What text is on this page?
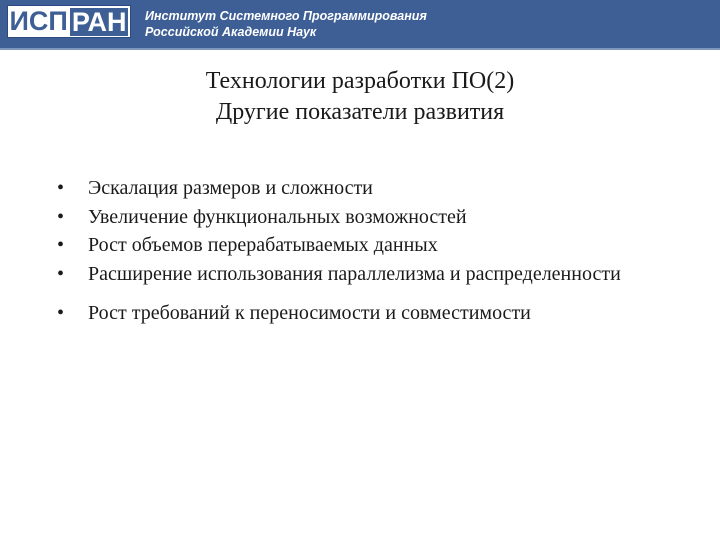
ИСП РАН Институт Системного Программирования
Российской Академии Наук
Технологии разработки ПО(2)
Другие показатели развития
• Эскалация размеров и сложности
• Увеличение функциональных возможностей
• Рост объемов перерабатываемых данных
• Расширение использования параллелизма и распределенности
• Рост требований к переносимости и совместимости
